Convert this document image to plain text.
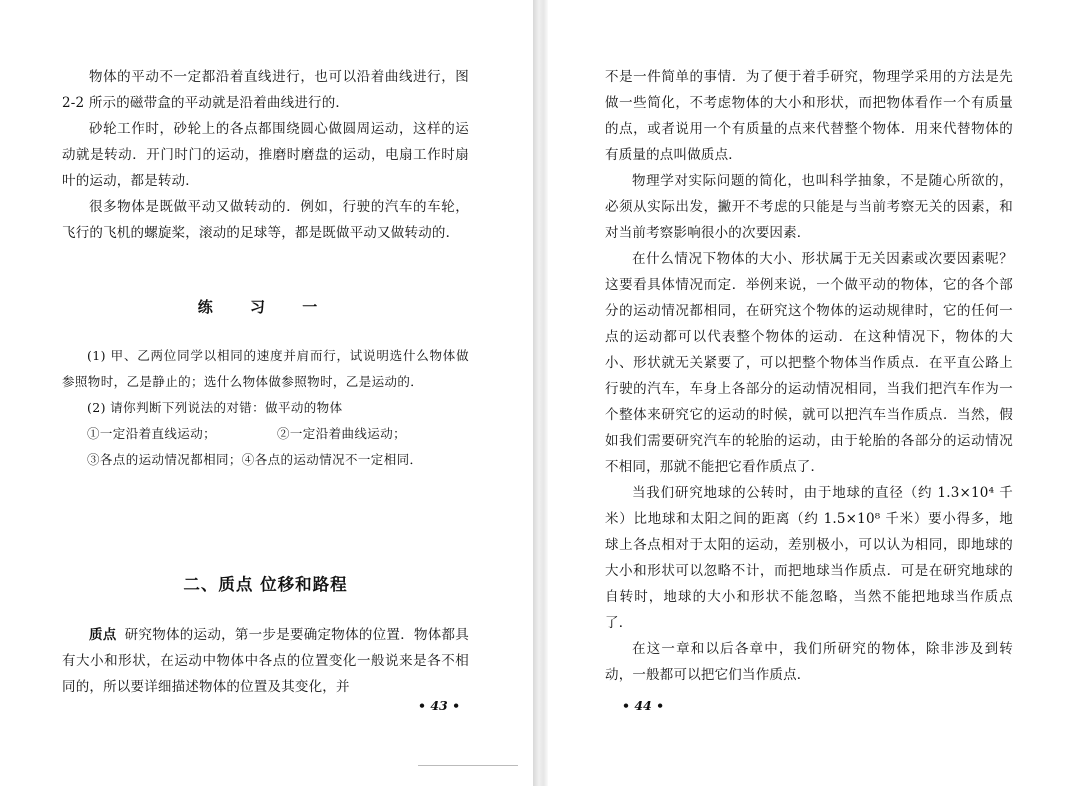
物体的平动不一定都沿着直线进行，也可以沿着曲线进行，图 2-2 所示的磁带盒的平动就是沿着曲线进行的．

砂轮工作时，砂轮上的各点都围绕圆心做圆周运动，这样的运动就是转动．开门时门的运动，推磨时磨盘的运动，电扇工作时扇叶的运动，都是转动．

很多物体是既做平动又做转动的．例如，行驶的汽车的车轮，飞行的飞机的螺旋桨，滚动的足球等，都是既做平动又做转动的．

练 习 一

(1) 甲、乙两位同学以相同的速度并肩而行，试说明选什么物体做参照物时，乙是静止的；选什么物体做参照物时，乙是运动的．

(2) 请你判断下列说法的对错：做平动的物体

①一定沿着直线运动；	②一定沿着曲线运动；

③各点的运动情况都相同；④各点的运动情况不一定相同．

二、质点 位移和路程

质点 研究物体的运动，第一步是要确定物体的位置．物体都具有大小和形状，在运动中物体中各点的位置变化一般说来是各不相同的，所以要详细描述物体的位置及其变化，并

• 43 •

不是一件简单的事情．为了便于着手研究，物理学采用的方法是先做一些简化，不考虑物体的大小和形状，而把物体看作一个有质量的点，或者说用一个有质量的点来代替整个物体．用来代替物体的有质量的点叫做质点．

物理学对实际问题的简化，也叫科学抽象，不是随心所欲的，必须从实际出发，撇开不考虑的只能是与当前考察无关的因素，和对当前考察影响很小的次要因素．

在什么情况下物体的大小、形状属于无关因素或次要因素呢？这要看具体情况而定．举例来说，一个做平动的物体，它的各个部分的运动情况都相同，在研究这个物体的运动规律时，它的任何一点的运动都可以代表整个物体的运动．在这种情况下，物体的大小、形状就无关紧要了，可以把整个物体当作质点．在平直公路上行驶的汽车，车身上各部分的运动情况相同，当我们把汽车作为一个整体来研究它的运动的时候，就可以把汽车当作质点．当然，假如我们需要研究汽车的轮胎的运动，由于轮胎的各部分的运动情况不相同，那就不能把它看作质点了．

当我们研究地球的公转时，由于地球的直径（约 1.3×10⁴ 千米）比地球和太阳之间的距离（约 1.5×10⁸ 千米）要小得多，地球上各点相对于太阳的运动，差别极小，可以认为相同，即地球的大小和形状可以忽略不计，而把地球当作质点．可是在研究地球的自转时，地球的大小和形状不能忽略，当然不能把地球当作质点了．

在这一章和以后各章中，我们所研究的物体，除非涉及到转动，一般都可以把它们当作质点．

• 44 •
